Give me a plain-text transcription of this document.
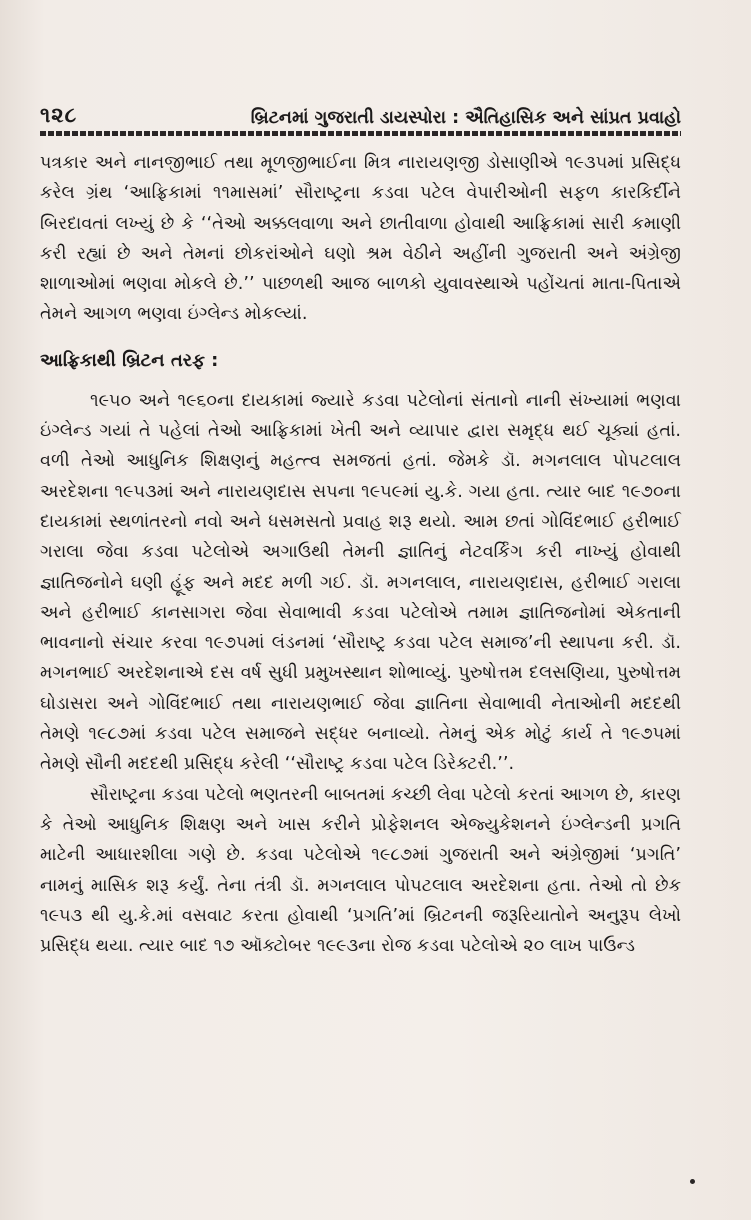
૧૨૮	બ્રિટનમાં ગુજરાતી ડાયસ્પોરા : ઐતિહાસિક અને સાંપ્રત પ્રવાહો

પત્રકાર અને નાનજીભાઈ તથા મૂળજીભાઈના મિત્ર નારાયણજી ડોસાણીએ ૧૯૩૫માં પ્રસિદ્ધ કરેલ ગ્રંથ ‘આફ્રિકામાં ૧૧માસમાં’ સૌરાષ્ટ્રના કડવા પટેલ વેપારીઓની સફળ કારકિર્દીને બિરદાવતાં લખ્યું છે કે ‘‘તેઓ અક્કલવાળા અને છાતીવાળા હોવાથી આફ્રિકામાં સારી કમાણી કરી રહ્યાં છે અને તેમનાં છોકરાંઓને ઘણો શ્રમ વેઠીને અહીંની ગુજરાતી અને અંગ્રેજી શાળાઓમાં ભણવા મોકલે છે.’’ પાછળથી આજ બાળકો યુવાવસ્થાએ પહોંચતાં માતા-પિતાએ તેમને આગળ ભણવા ઇંગ્લેન્ડ મોકલ્યાં.

આફ્રિકાથી બ્રિટન તરફ :

૧૯૫૦ અને ૧૯૬૦ના દાયકામાં જ્યારે કડવા પટેલોનાં સંતાનો નાની સંખ્યામાં ભણવા ઇંગ્લેન્ડ ગયાં તે પહેલાં તેઓ આફ્રિકામાં ખેતી અને વ્યાપાર દ્વારા સમૃદ્ધ થઈ ચૂક્યાં હતાં. વળી તેઓ આધુનિક શિક્ષણનું મહત્ત્વ સમજતાં હતાં. જેમકે ડૉ. મગનલાલ પોપટલાલ અરદેશના ૧૯૫૩માં અને નારાયણદાસ સપના ૧૯૫૯માં યુ.કે. ગયા હતા. ત્યાર બાદ ૧૯૭૦ના દાયકામાં સ્થળાંતરનો નવો અને ધસમસતો પ્રવાહ શરૂ થયો. આમ છતાં ગોવિંદભાઈ હરીભાઈ ગરાલા જેવા કડવા પટેલોએ અગાઉથી તેમની જ્ઞાતિનું નેટવર્કિંગ કરી નાખ્યું હોવાથી જ્ઞાતિજનોને ઘણી હૂંફ અને મદદ મળી ગઈ. ડૉ. મગનલાલ, નારાયણદાસ, હરીભાઈ ગરાલા અને હરીભાઈ કાનસાગરા જેવા સેવાભાવી કડવા પટેલોએ તમામ જ્ઞાતિજનોમાં એકતાની ભાવનાનો સંચાર કરવા ૧૯૭૫માં લંડનમાં ‘સૌરાષ્ટ્ર કડવા પટેલ સમાજ’ની સ્થાપના કરી. ડૉ. મગનભાઈ અરદેશનાએ દસ વર્ષ સુધી પ્રમુખસ્થાન શોભાવ્યું. પુરુષોત્તમ દલસણિયા, પુરુષોત્તમ ઘોડાસરા અને ગોવિંદભાઈ તથા નારાયણભાઈ જેવા જ્ઞાતિના સેવાભાવી નેતાઓની મદદથી તેમણે ૧૯૮૭માં કડવા પટેલ સમાજને સદ્ધર બનાવ્યો. તેમનું એક મોટું કાર્ય તે ૧૯૭૫માં તેમણે સૌની મદદથી પ્રસિદ્ધ કરેલી ‘‘સૌરાષ્ટ્ર કડવા પટેલ ડિરેક્ટરી.’’.

સૌરાષ્ટ્રના કડવા પટેલો ભણતરની બાબતમાં કચ્છી લેવા પટેલો કરતાં આગળ છે, કારણ કે તેઓ આધુનિક શિક્ષણ અને ખાસ કરીને પ્રોફેશનલ એજ્યુકેશનને ઇંગ્લેન્ડની પ્રગતિ માટેની આધારશીલા ગણે છે. કડવા પટેલોએ ૧૯૮૭માં ગુજરાતી અને અંગ્રેજીમાં ‘પ્રગતિ’ નામનું માસિક શરૂ કર્યું. તેના તંત્રી ડૉ. મગનલાલ પોપટલાલ અરદેશના હતા. તેઓ તો છેક ૧૯૫૩ થી યુ.કે.માં વસવાટ કરતા હોવાથી ‘પ્રગતિ’માં બ્રિટનની જરૂરિયાતોને અનુરૂપ લેખો પ્રસિદ્ધ થયા. ત્યાર બાદ ૧૭ ઑક્ટોબર ૧૯૯૩ના રોજ કડવા પટેલોએ ૨૦ લાખ પાઉન્ડ
